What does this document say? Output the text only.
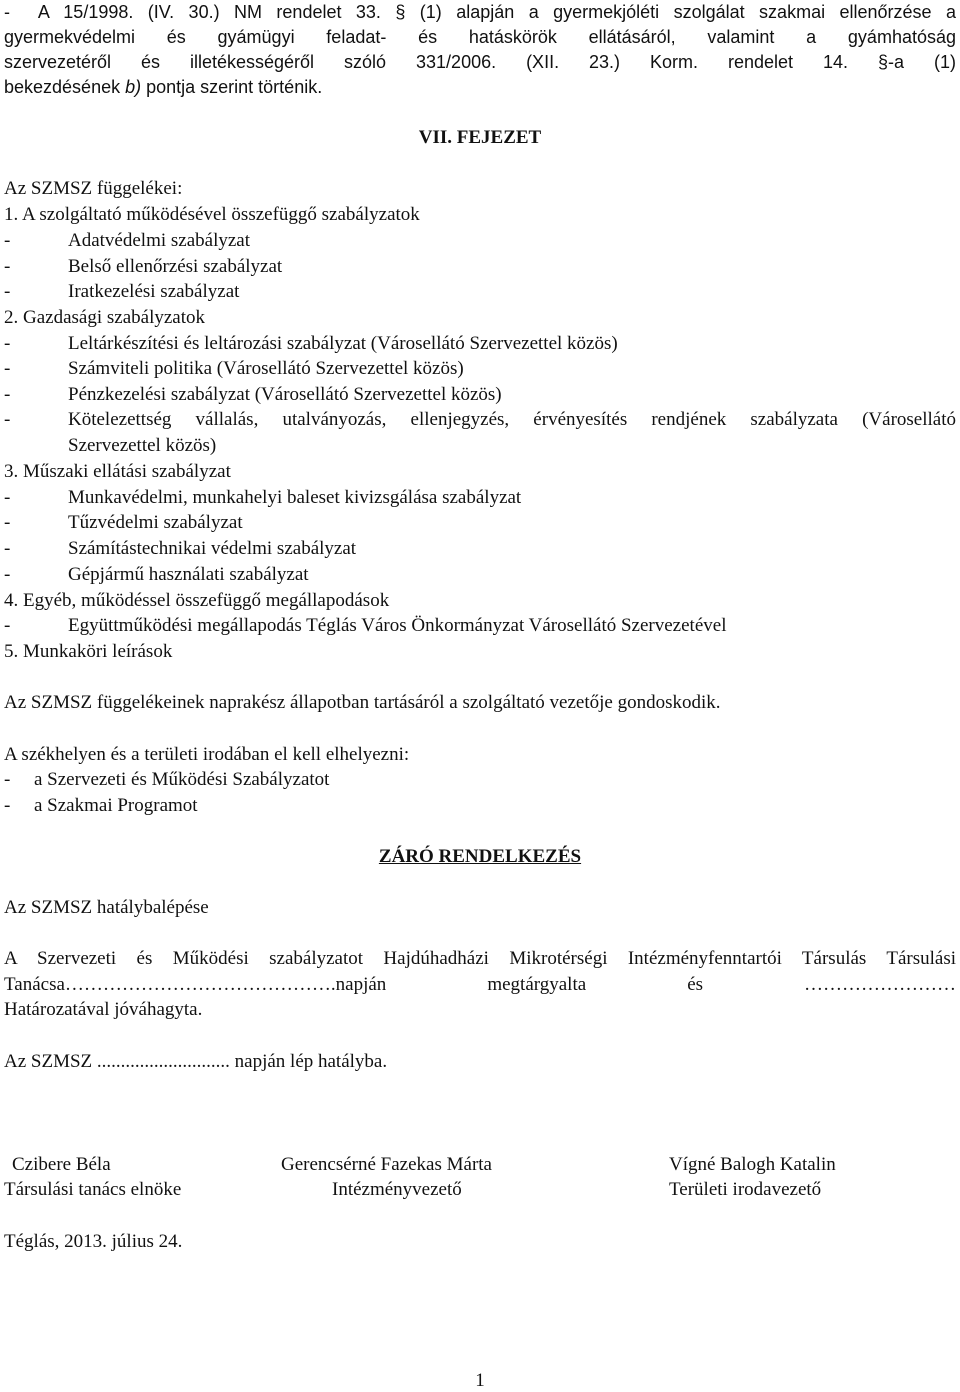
-  A 15/1998. (IV. 30.) NM rendelet 33. § (1) alapján a gyermekjóléti szolgálat szakmai ellenőrzése a
gyermekvédelmi és gyámügyi feladat- és hatáskörök ellátásáról, valamint a gyámhatóság
szervezetéről és illetékességéről szóló 331/2006. (XII. 23.) Korm. rendelet 14. §-a (1)
bekezdésének b) pontja szerint történik.
VII. FEJEZET
Az SZMSZ függelékei:
1. A szolgáltató működésével összefüggő szabályzatok
-	Adatvédelmi szabályzat
-	Belső ellenőrzési szabályzat
-	Iratkezelési szabályzat
2. Gazdasági szabályzatok
-	Leltárkészítési és leltározási szabályzat (Városellátó Szervezettel közös)
-	Számviteli politika (Városellátó Szervezettel közös)
-	Pénzkezelési szabályzat (Városellátó Szervezettel közös)
-	Kötelezettség vállalás, utalványozás, ellenjegyzés, érvényesítés rendjének szabályzata (Városellátó
Szervezettel közös)
3. Műszaki ellátási szabályzat
-	Munkavédelmi, munkahelyi baleset kivizsgálása szabályzat
-	Tűzvédelmi szabályzat
-	Számítástechnikai védelmi szabályzat
-	Gépjármű használati szabályzat
4. Egyéb, működéssel összefüggő megállapodások
-	Együttműködési megállapodás Téglás Város Önkormányzat Városellátó Szervezetével
5. Munkaköri leírások
Az SZMSZ függelékeinek naprakész állapotban tartásáról a szolgáltató vezetője gondoskodik.
A székhelyen és a területi irodában el kell elhelyezni:
- a Szervezeti és Működési Szabályzatot
- a Szakmai Programot
ZÁRÓ RENDELKEZÉS
Az SZMSZ hatálybalépése
A Szervezeti és Működési szabályzatot Hajdúhadházi Mikrotérségi Intézményfenntartói Társulás Társulási
Tanácsa…………………………………….napján	megtárgyalta	és	……………………
Határozatával jóváhagyta.
Az SZMSZ ............................ napján lép hatályba.
Czibere Béla
Társulási tanács elnöke
Gerencsérné Fazekas Márta
Intézményvezető
Vígné Balogh Katalin
Területi irodavezető
Téglás, 2013. július 24.
1
